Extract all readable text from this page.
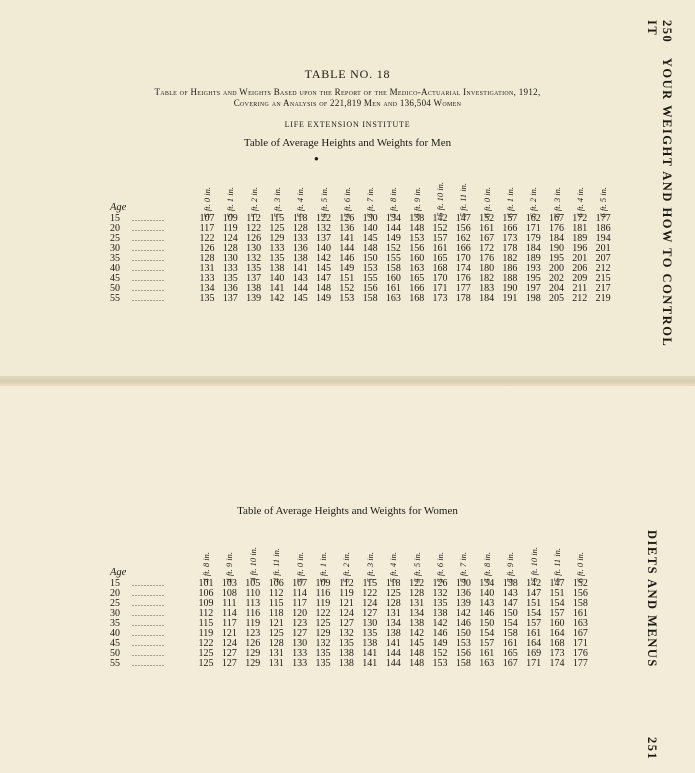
250 YOUR WEIGHT AND HOW TO CONTROL IT
TABLE NO. 18
Table of Heights and Weights Based upon the Report of the Medico-Actuarial Investigation, 1912,
Covering an Analysis of 221,819 Men and 136,504 Women
LIFE EXTENSION INSTITUTE
Table of Average Heights and Weights for Men
●
5 ft. 0 in. 5 ft. 1 in. 5 ft. 2 in. 5 ft. 3 in. 5 ft. 4 in. 5 ft. 5 in. 5 ft. 6 in. 5 ft. 7 in. 5 ft. 8 in. 5 ft. 9 in. 5 ft. 10 in. 5 ft. 11 in. 6 ft. 0 in. 6 ft. 1 in. 6 ft. 2 in. 6 ft. 3 in. 6 ft. 4 in. 6 ft. 5 in.
Age
15	...........	107 109 112 115 118 122 126 130 134 138 142 147 152 157 162 167 172 177
20	...........	117 119 122 125 128 132 136 140 144 148 152 156 161 166 171 176 181 186
25	...........	122 124 126 129 133 137 141 145 149 153 157 162 167 173 179 184 189 194
30	...........	126 128 130 133 136 140 144 148 152 156 161 166 172 178 184 190 196 201
35	...........	128 130 132 135 138 142 146 150 155 160 165 170 176 182 189 195 201 207
40	...........	131 133 135 138 141 145 149 153 158 163 168 174 180 186 193 200 206 212
45	...........	133 135 137 140 143 147 151 155 160 165 170 176 182 188 195 202 209 215
50	...........	134 136 138 141 144 148 152 156 161 166 171 177 183 190 197 204 211 217
55	...........	135 137 139 142 145 149 153 158 163 168 173 178 184 191 198 205 212 219
Table of Average Heights and Weights for Women
4 ft. 8 in. 4 ft. 9 in. 4 ft. 10 in. 4 ft. 11 in. 5 ft. 0 in. 5 ft. 1 in. 5 ft. 2 in. 5 ft. 3 in. 5 ft. 4 in. 5 ft. 5 in. 5 ft. 6 in. 5 ft. 7 in. 5 ft. 8 in. 5 ft. 9 in. 5 ft. 10 in. 5 ft. 11 in. 6 ft. 0 in.
Age
15	...........	101 103 105 106 107 109 112 115 118 122 126 130 134 138 142 147 152
20	...........	106 108 110 112 114 116 119 122 125 128 132 136 140 143 147 151 156
25	...........	109 111 113 115 117 119 121 124 128 131 135 139 143 147 151 154 158
30	...........	112 114 116 118 120 122 124 127 131 134 138 142 146 150 154 157 161
35	...........	115 117 119 121 123 125 127 130 134 138 142 146 150 154 157 160 163
40	...........	119 121 123 125 127 129 132 135 138 142 146 150 154 158 161 164 167
45	...........	122 124 126 128 130 132 135 138 141 145 149 153 157 161 164 168 171
50	...........	125 127 129 131 133 135 138 141 144 148 152 156 161 165 169 173 176
55	...........	125 127 129 131 133 135 138 141 144 148 153 158 163 167 171 174 177	DIETS AND MENUS
251
